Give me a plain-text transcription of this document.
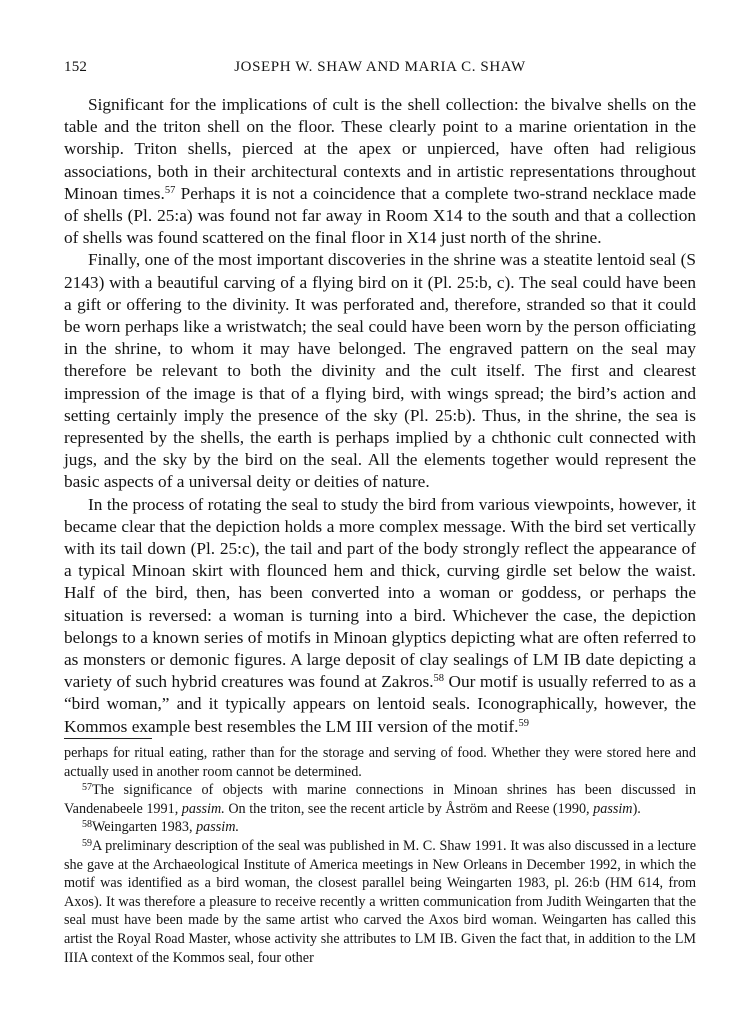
152	JOSEPH W. SHAW AND MARIA C. SHAW

Significant for the implications of cult is the shell collection: the bivalve shells on the table and the triton shell on the floor. These clearly point to a marine orientation in the worship. Triton shells, pierced at the apex or unpierced, have often had religious associations, both in their architectural contexts and in artistic representations throughout Minoan times.$^{57}$ Perhaps it is not a coincidence that a complete two-strand necklace made of shells (Pl. 25:a) was found not far away in Room X14 to the south and that a collection of shells was found scattered on the final floor in X14 just north of the shrine.

Finally, one of the most important discoveries in the shrine was a steatite lentoid seal (S 2143) with a beautiful carving of a flying bird on it (Pl. 25:b, c). The seal could have been a gift or offering to the divinity. It was perforated and, therefore, stranded so that it could be worn perhaps like a wristwatch; the seal could have been worn by the person officiating in the shrine, to whom it may have belonged. The engraved pattern on the seal may therefore be relevant to both the divinity and the cult itself. The first and clearest impression of the image is that of a flying bird, with wings spread; the bird’s action and setting certainly imply the presence of the sky (Pl. 25:b). Thus, in the shrine, the sea is represented by the shells, the earth is perhaps implied by a chthonic cult connected with jugs, and the sky by the bird on the seal. All the elements together would represent the basic aspects of a universal deity or deities of nature.

In the process of rotating the seal to study the bird from various viewpoints, however, it became clear that the depiction holds a more complex message. With the bird set vertically with its tail down (Pl. 25:c), the tail and part of the body strongly reflect the appearance of a typical Minoan skirt with flounced hem and thick, curving girdle set below the waist. Half of the bird, then, has been converted into a woman or goddess, or perhaps the situation is reversed: a woman is turning into a bird. Whichever the case, the depiction belongs to a known series of motifs in Minoan glyptics depicting what are often referred to as monsters or demonic figures. A large deposit of clay sealings of LM IB date depicting a variety of such hybrid creatures was found at Zakros.$^{58}$ Our motif is usually referred to as a “bird woman,” and it typically appears on lentoid seals. Iconographically, however, the Kommos example best resembles the LM III version of the motif.$^{59}$

perhaps for ritual eating, rather than for the storage and serving of food. Whether they were stored here and actually used in another room cannot be determined.

$^{57}$The significance of objects with marine connections in Minoan shrines has been discussed in Vandenabeele 1991, passim. On the triton, see the recent article by Åström and Reese (1990, passim).

$^{58}$Weingarten 1983, passim.

$^{59}$A preliminary description of the seal was published in M. C. Shaw 1991. It was also discussed in a lecture she gave at the Archaeological Institute of America meetings in New Orleans in December 1992, in which the motif was identified as a bird woman, the closest parallel being Weingarten 1983, pl. 26:b (HM 614, from Axos). It was therefore a pleasure to receive recently a written communication from Judith Weingarten that the seal must have been made by the same artist who carved the Axos bird woman. Weingarten has called this artist the Royal Road Master, whose activity she attributes to LM IB. Given the fact that, in addition to the LM IIIA context of the Kommos seal, four other
